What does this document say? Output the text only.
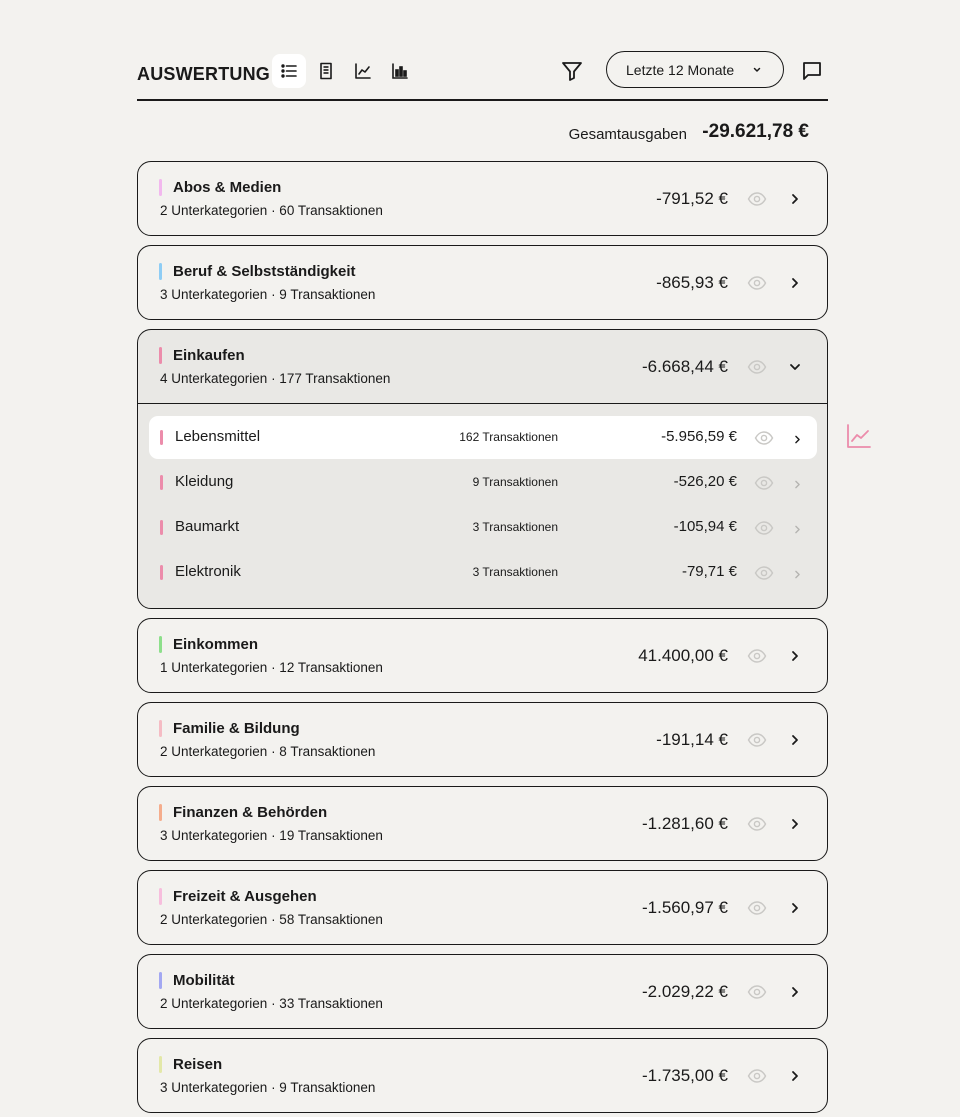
AUSWERTUNG	Letzte 12 Monate
Gesamtausgaben -29.621,78 €
Abos & Medien
2 Unterkategorien · 60 Transaktionen
-791,52 €
Beruf & Selbstständigkeit
3 Unterkategorien · 9 Transaktionen
-865,93 €
Einkaufen
4 Unterkategorien · 177 Transaktionen
-6.668,44 €
Lebensmittel	162 Transaktionen	-5.956,59 €
Kleidung	9 Transaktionen	-526,20 €
Baumarkt	3 Transaktionen	-105,94 €
Elektronik	3 Transaktionen	-79,71 €
Einkommen
1 Unterkategorien · 12 Transaktionen
41.400,00 €
Familie & Bildung
2 Unterkategorien · 8 Transaktionen
-191,14 €
Finanzen & Behörden
3 Unterkategorien · 19 Transaktionen
-1.281,60 €
Freizeit & Ausgehen
2 Unterkategorien · 58 Transaktionen
-1.560,97 €
Mobilität
2 Unterkategorien · 33 Transaktionen
-2.029,22 €
Reisen
3 Unterkategorien · 9 Transaktionen
-1.735,00 €
